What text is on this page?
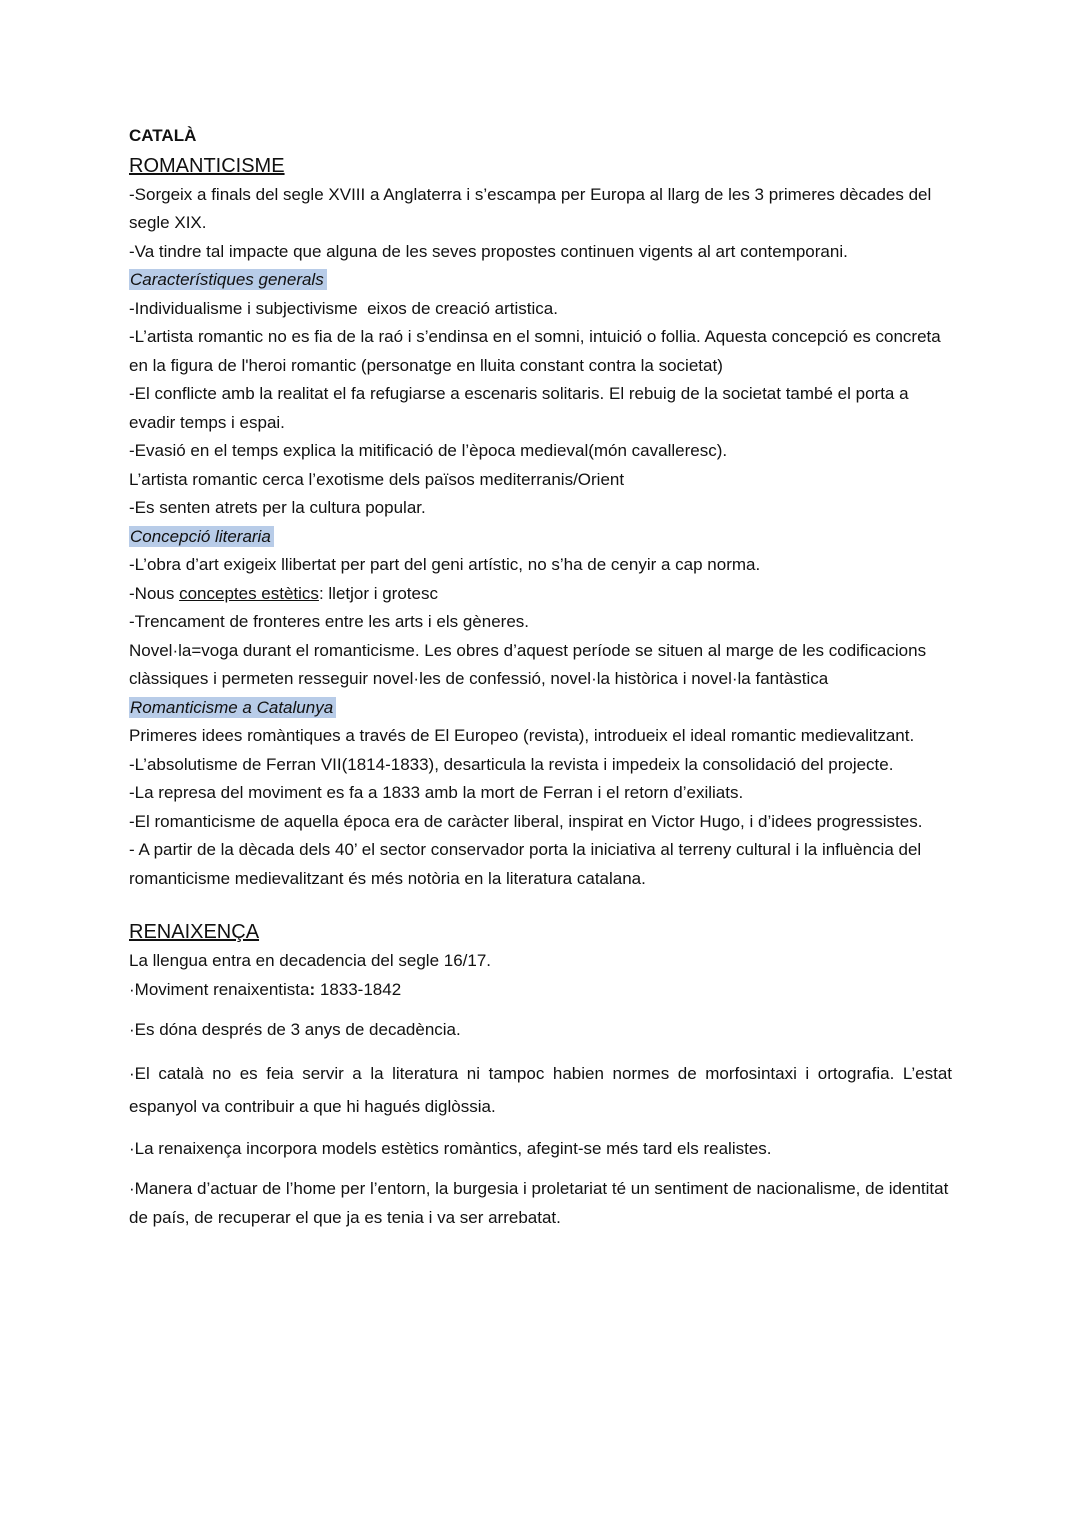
CATALÀ

ROMANTICISME

-Sorgeix a finals del segle XVIII a Anglaterra i s’escampa per Europa al llarg de les 3 primeres dècades del segle XIX.

-Va tindre tal impacte que alguna de les seves propostes continuen vigents al art contemporani.

Característiques generals

-Individualisme i subjectivisme  eixos de creació artistica.

-L’artista romantic no es fia de la raó i s’endinsa en el somni, intuició o follia. Aquesta concepció es concreta en la figura de l'heroi romantic (personatge en lluita constant contra la societat)

-El conflicte amb la realitat el fa refugiarse a escenaris solitaris. El rebuig de la societat també el porta a evadir temps i espai.

-Evasió en el temps explica la mitificació de l’època medieval(món cavalleresc).

L’artista romantic cerca l’exotisme dels països mediterranis/Orient

-Es senten atrets per la cultura popular.

Concepció literaria

-L’obra d’art exigeix llibertat per part del geni artístic, no s’ha de cenyir a cap norma.

-Nous conceptes estètics: lletjor i grotesc

-Trencament de fronteres entre les arts i els gèneres.

Novel·la=voga durant el romanticisme. Les obres d’aquest període se situen al marge de les codificacions clàssiques i permeten resseguir novel·les de confessió, novel·la històrica i novel·la fantàstica

Romanticisme a Catalunya

Primeres idees romàntiques a través de El Europeo (revista), introdueix el ideal romantic medievalitzant.

-L’absolutisme de Ferran VII(1814-1833), desarticula la revista i impedeix la consolidació del projecte.

-La represa del moviment es fa a 1833 amb la mort de Ferran i el retorn d’exiliats.

-El romanticisme de aquella época era de caràcter liberal, inspirat en Victor Hugo, i d’idees progressistes.

- A partir de la dècada dels 40’ el sector conservador porta la iniciativa al terreny cultural i la influència del romanticisme medievalitzant és més notòria en la literatura catalana.

RENAIXENÇA

La llengua entra en decadencia del segle 16/17.

·Moviment renaixentista: 1833-1842

·Es dóna després de 3 anys de decadència.

·El català no es feia servir a la literatura ni tampoc habien normes de morfosintaxi i ortografia. L’estat espanyol va contribuir a que hi hagués diglòssia.

·La renaixença incorpora models estètics romàntics, afegint-se més tard els realistes.

·Manera d’actuar de l’home per l’entorn, la burgesia i proletariat té un sentiment de nacionalisme, de identitat de país, de recuperar el que ja es tenia i va ser arrebatat.
